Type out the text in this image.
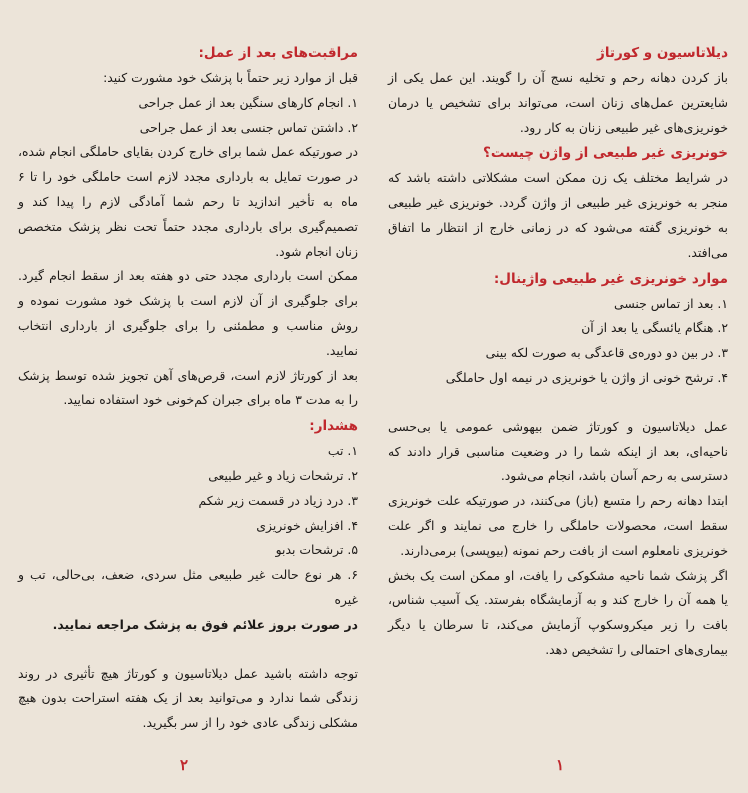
دیلاتاسیون و کورتاژ
باز کردن دهانه رحم و تخلیه نسج آن را گویند. این عمل یکی از شایعترین عمل‌های زنان است، می‌تواند برای تشخیص یا درمان خونریزی‌های غیر طبیعی زنان به کار رود.
خونریزی غیر طبیعی از واژن چیست؟
در شرایط مختلف یک زن ممکن است مشکلاتی داشته باشد که منجر به خونریزی غیر طبیعی از واژن گردد. خونریزی غیر طبیعی به خونریزی گفته می‌شود که در زمانی خارج از انتظار ما اتفاق می‌افتد.
موارد خونریزی غیر طبیعی واژینال:
۱. بعد از تماس جنسی
۲. هنگام یائسگی یا بعد از آن
۳. در بین دو دوره‌ی قاعدگی به صورت لکه بینی
۴. ترشح خونی از واژن یا خونریزی در نیمه اول حاملگی
عمل دیلاتاسیون و کورتاژ ضمن بیهوشی عمومی یا بی‌حسی ناحیه‌ای، بعد از اینکه شما را در وضعیت مناسبی قرار دادند که دسترسی به رحم آسان باشد، انجام می‌شود.
ابتدا دهانه رحم را متسع (باز) می‌کنند، در صورتیکه علت خونریزی سقط است، محصولات حاملگی را خارج می نمایند و اگر علت خونریزی نامعلوم است از بافت رحم نمونه (بیوپسی) برمی‌دارند.
اگر پزشک شما ناحیه مشکوکی را یافت، او ممکن است یک بخش یا همه آن را خارج کند و به آزمایشگاه بفرستد. یک آسیب شناس، بافت را زیر میکروسکوپ آزمایش می‌کند، تا سرطان یا دیگر بیماری‌های احتمالی را تشخیص دهد.
مراقبت‌های بعد از عمل:
قبل از موارد زیر حتماً با پزشک خود مشورت کنید:
۱. انجام کارهای سنگین بعد از عمل جراحی
۲. داشتن تماس جنسی بعد از عمل جراحی
در صورتیکه عمل شما برای خارج کردن بقایای حاملگی انجام شده، در صورت تمایل به بارداری مجدد لازم است حاملگی خود را تا ۶ ماه به تأخیر اندازید تا رحم شما آمادگی لازم را پیدا کند و تصمیم‌گیری برای بارداری مجدد حتماً تحت نظر پزشک متخصص زنان انجام شود.
ممکن است بارداری مجدد حتی دو هفته بعد از سقط انجام گیرد. برای جلوگیری از آن لازم است با پزشک خود مشورت نموده و روش مناسب و مطمئنی را برای جلوگیری از بارداری انتخاب نمایید.
بعد از کورتاژ لازم است، قرص‌های آهن تجویز شده توسط پزشک را به مدت ۳ ماه برای جبران کم‌خونی خود استفاده نمایید.
هشدار:
۱. تب
۲. ترشحات زیاد و غیر طبیعی
۳. درد زیاد در قسمت زیر شکم
۴. افزایش خونریزی
۵. ترشحات بدبو
۶. هر نوع حالت غیر طبیعی مثل سردی، ضعف، بی‌حالی، تب و غیره
در صورت بروز علائم فوق به پزشک مراجعه نمایید.
توجه داشته باشید عمل دیلاتاسیون و کورتاژ هیچ تأثیری در روند زندگی شما ندارد و می‌توانید بعد از یک هفته استراحت بدون هیچ مشکلی زندگی عادی خود را از سر بگیرید.
۱
۲
